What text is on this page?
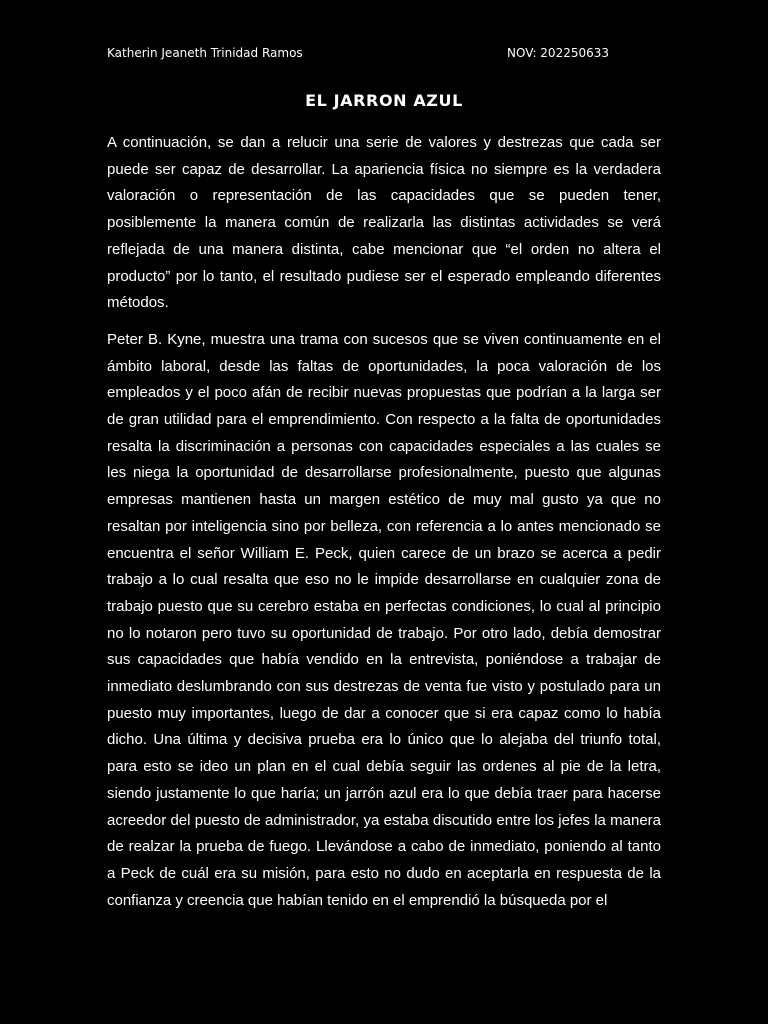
Katherin Jeaneth Trinidad Ramos	NOV: 202250633
EL JARRON AZUL

A continuación, se dan a relucir una serie de valores y destrezas que cada ser puede ser capaz de desarrollar. La apariencia física no siempre es la verdadera valoración o representación de las capacidades que se pueden tener, posiblemente la manera común de realizarla las distintas actividades se verá reflejada de una manera distinta, cabe mencionar que “el orden no altera el producto” por lo tanto, el resultado pudiese ser el esperado empleando diferentes métodos.

Peter B. Kyne, muestra una trama con sucesos que se viven continuamente en el ámbito laboral, desde las faltas de oportunidades, la poca valoración de los empleados y el poco afán de recibir nuevas propuestas que podrían a la larga ser de gran utilidad para el emprendimiento. Con respecto a la falta de oportunidades resalta la discriminación a personas con capacidades especiales a las cuales se les niega la oportunidad de desarrollarse profesionalmente, puesto que algunas empresas mantienen hasta un margen estético de muy mal gusto ya que no resaltan por inteligencia sino por belleza, con referencia a lo antes mencionado se encuentra el señor William E. Peck, quien carece de un brazo se acerca a pedir trabajo a lo cual resalta que eso no le impide desarrollarse en cualquier zona de trabajo puesto que su cerebro estaba en perfectas condiciones, lo cual al principio no lo notaron pero tuvo su oportunidad de trabajo. Por otro lado, debía demostrar sus capacidades que había vendido en la entrevista, poniéndose a trabajar de inmediato deslumbrando con sus destrezas de venta fue visto y postulado para un puesto muy importantes, luego de dar a conocer que si era capaz como lo había dicho. Una última y decisiva prueba era lo único que lo alejaba del triunfo total, para esto se ideo un plan en el cual debía seguir las ordenes al pie de la letra, siendo justamente lo que haría; un jarrón azul era lo que debía traer para hacerse acreedor del puesto de administrador, ya estaba discutido entre los jefes la manera de realzar la prueba de fuego. Llevándose a cabo de inmediato, poniendo al tanto a Peck de cuál era su misión, para esto no dudo en aceptarla en respuesta de la confianza y creencia que habían tenido en el emprendió la búsqueda por el
